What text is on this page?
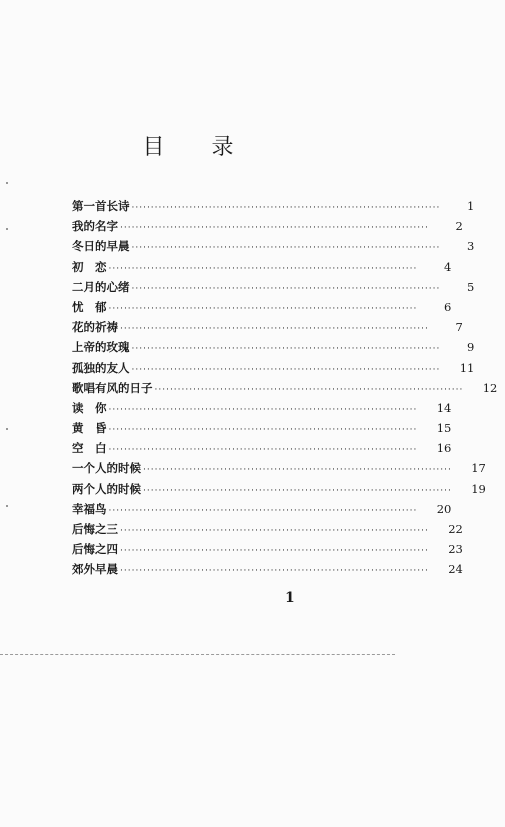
目 录
第一首长诗 ················································································	1
我的名字 ················································································	2
冬日的早晨 ················································································	3
初　恋 ················································································	4
二月的心绪 ················································································	5
忧　郁 ················································································	6
花的祈祷 ················································································	7
上帝的玫瑰 ················································································	9
孤独的友人 ················································································	11
歌唱有风的日子 ················································································	12
读　你 ················································································	14
黄　昏 ················································································	15
空　白 ················································································	16
一个人的时候 ················································································	17
两个人的时候 ················································································	19
幸福鸟 ················································································	20
后悔之三 ················································································	22
后悔之四 ················································································	23
郊外早晨 ················································································	24
1
